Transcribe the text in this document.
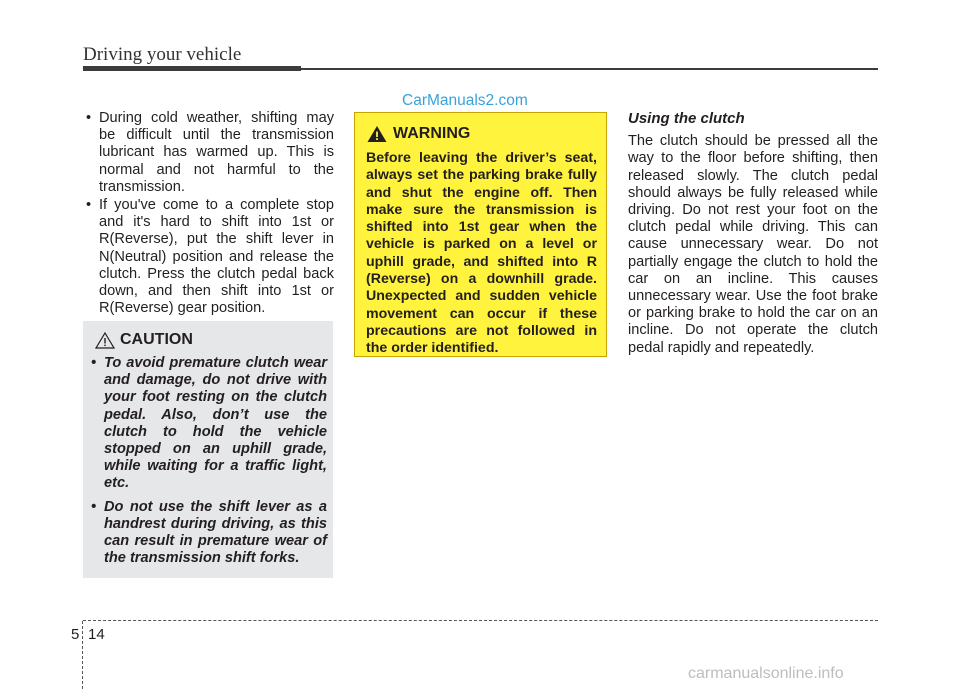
Driving your vehicle
CarManuals2.com

• During cold weather, shifting may be difficult until the transmission lubricant has warmed up. This is normal and not harmful to the transmission.

• If you've come to a complete stop and it's hard to shift into 1st or R(Reverse), put the shift lever in N(Neutral) position and release the clutch. Press the clutch pedal back down, and then shift into 1st or R(Reverse) gear position.

CAUTION

• To avoid premature clutch wear and damage, do not drive with your foot resting on the clutch pedal. Also, don’t use the clutch to hold the vehicle stopped on an uphill grade, while waiting for a traffic light, etc.

• Do not use the shift lever as a handrest during driving, as this can result in premature wear of the transmission shift forks.

WARNING

Before leaving the driver’s seat, always set the parking brake fully and shut the engine off. Then make sure the transmission is shifted into 1st gear when the vehicle is parked on a level or uphill grade, and shifted into R (Reverse) on a downhill grade. Unexpected and sudden vehicle movement can occur if these precautions are not followed in the order identified.

Using the clutch

The clutch should be pressed all the way to the floor before shifting, then released slowly. The clutch pedal should always be fully released while driving. Do not rest your foot on the clutch pedal while driving. This can cause unnecessary wear. Do not partially engage the clutch to hold the car on an incline. This causes unnecessary wear. Use the foot brake or parking brake to hold the car on an incline. Do not operate the clutch pedal rapidly and repeatedly.

5 14
carmanualsonline.info
